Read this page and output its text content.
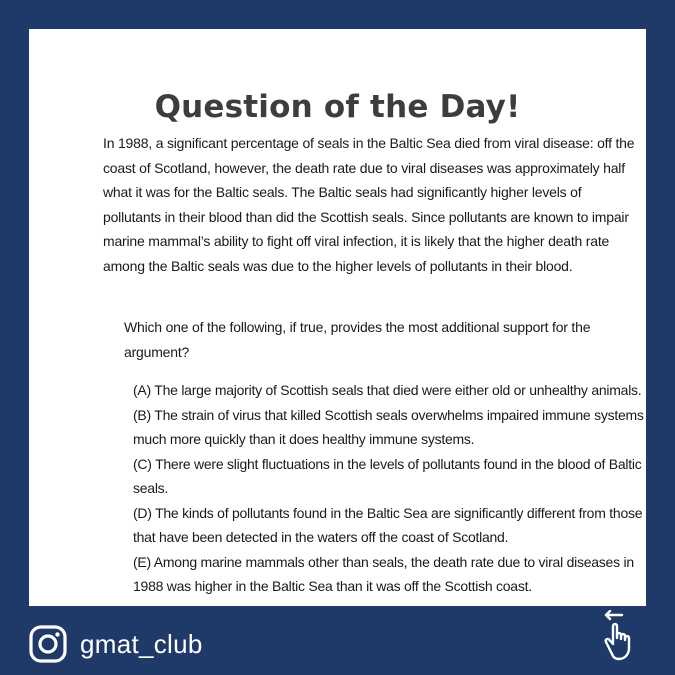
Question of the Day!

In 1988, a significant percentage of seals in the Baltic Sea died from viral disease: off the coast of Scotland, however, the death rate due to viral diseases was approximately half what it was for the Baltic seals. The Baltic seals had significantly higher levels of pollutants in their blood than did the Scottish seals. Since pollutants are known to impair marine mammal’s ability to fight off viral infection, it is likely that the higher death rate among the Baltic seals was due to the higher levels of pollutants in their blood.

Which one of the following, if true, provides the most additional support for the argument?

(A) The large majority of Scottish seals that died were either old or unhealthy animals.
(B) The strain of virus that killed Scottish seals overwhelms impaired immune systems much more quickly than it does healthy immune systems.
(C) There were slight fluctuations in the levels of pollutants found in the blood of Baltic seals.
(D) The kinds of pollutants found in the Baltic Sea are significantly different from those that have been detected in the waters off the coast of Scotland.
(E) Among marine mammals other than seals, the death rate due to viral diseases in 1988 was higher in the Baltic Sea than it was off the Scottish coast.
gmat_club
